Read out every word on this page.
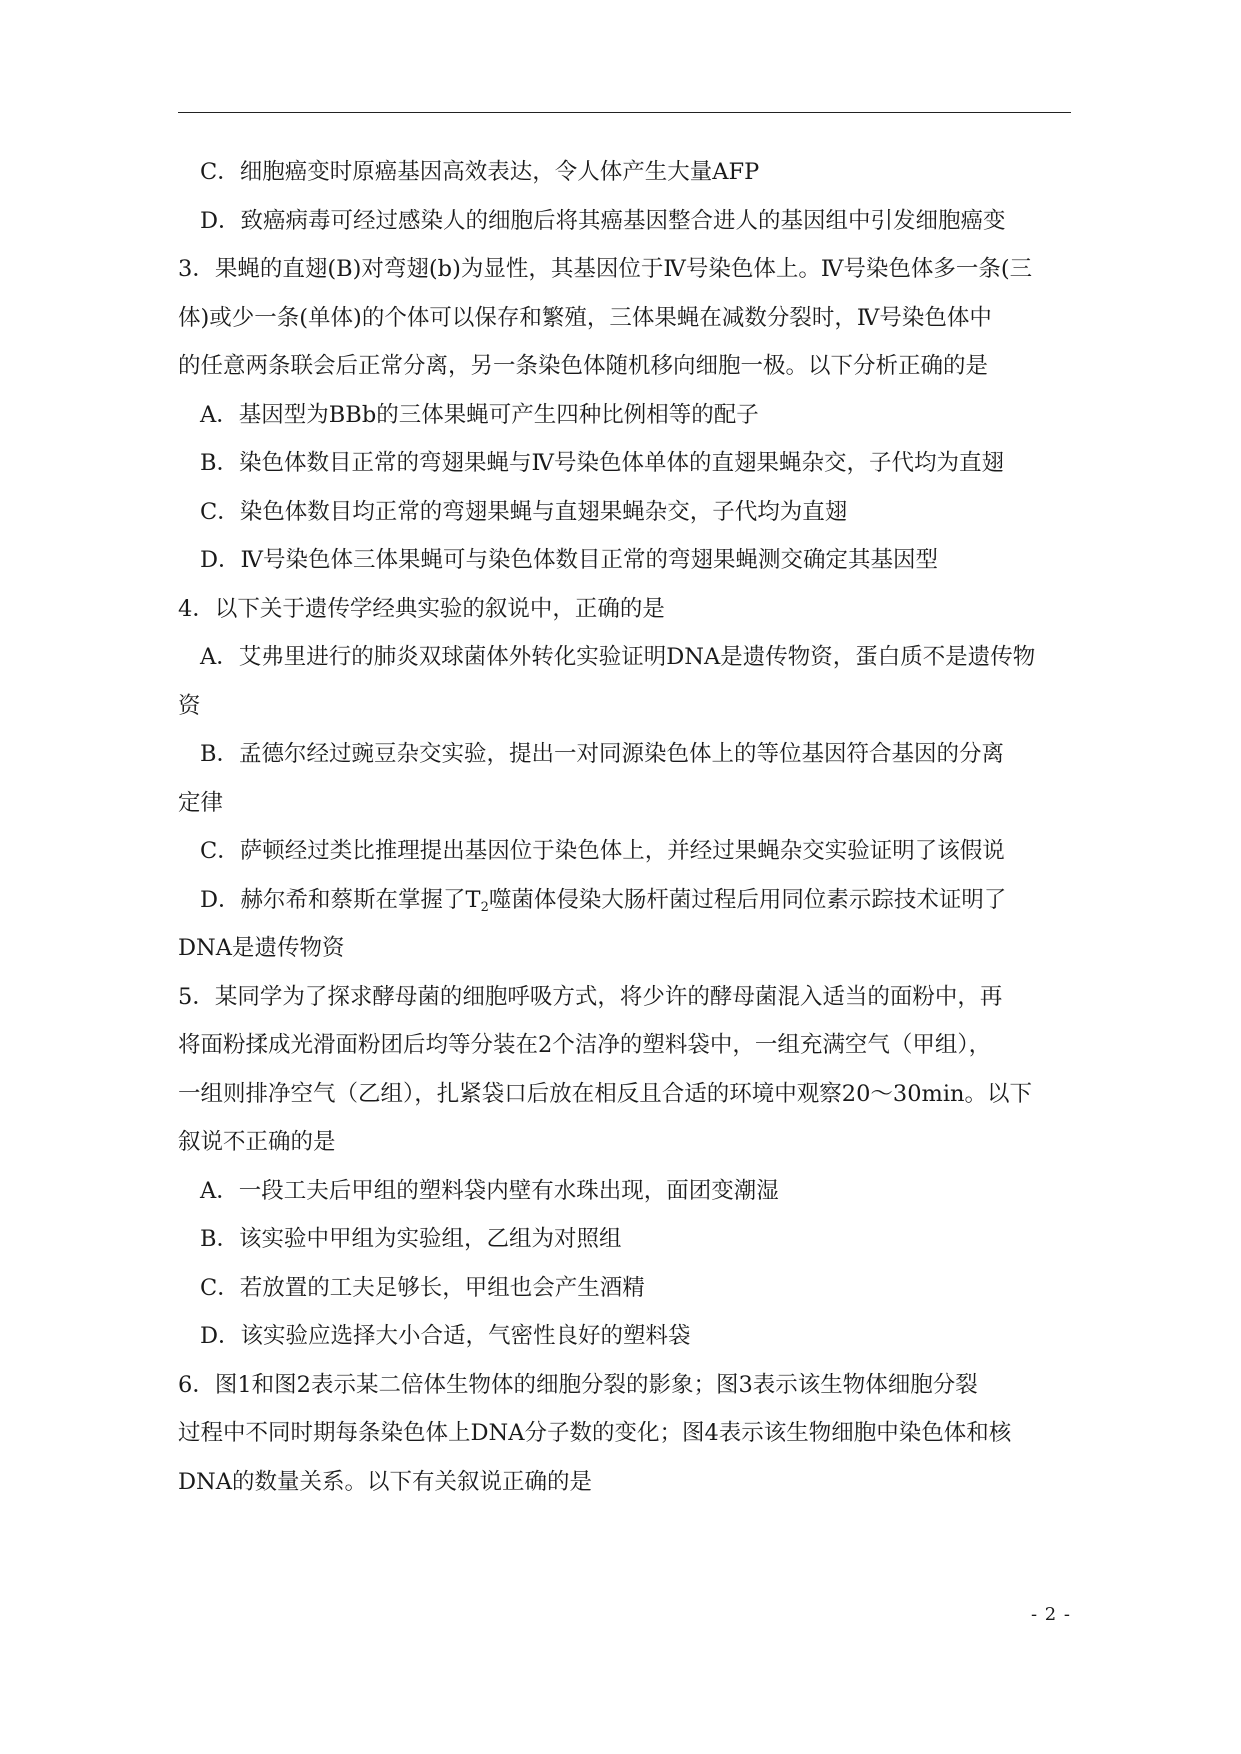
C．细胞癌变时原癌基因高效表达，令人体产生大量AFP

D．致癌病毒可经过感染人的细胞后将其癌基因整合进人的基因组中引发细胞癌变

3．果蝇的直翅(B)对弯翅(b)为显性，其基因位于Ⅳ号染色体上。Ⅳ号染色体多一条(三

体)或少一条(单体)的个体可以保存和繁殖，三体果蝇在减数分裂时，Ⅳ号染色体中

的任意两条联会后正常分离，另一条染色体随机移向细胞一极。以下分析正确的是

A．基因型为BBb的三体果蝇可产生四种比例相等的配子

B．染色体数目正常的弯翅果蝇与Ⅳ号染色体单体的直翅果蝇杂交，子代均为直翅

C．染色体数目均正常的弯翅果蝇与直翅果蝇杂交，子代均为直翅

D．Ⅳ号染色体三体果蝇可与染色体数目正常的弯翅果蝇测交确定其基因型

4．以下关于遗传学经典实验的叙说中，正确的是

A．艾弗里进行的肺炎双球菌体外转化实验证明DNA是遗传物资，蛋白质不是遗传物

资

B．孟德尔经过豌豆杂交实验，提出一对同源染色体上的等位基因符合基因的分离

定律

C．萨顿经过类比推理提出基因位于染色体上，并经过果蝇杂交实验证明了该假说

D．赫尔希和蔡斯在掌握了$T_2$噬菌体侵染大肠杆菌过程后用同位素示踪技术证明了

DNA是遗传物资

5．某同学为了探求酵母菌的细胞呼吸方式，将少许的酵母菌混入适当的面粉中，再

将面粉揉成光滑面粉团后均等分装在2个洁净的塑料袋中，一组充满空气（甲组），

一组则排净空气（乙组），扎紧袋口后放在相反且合适的环境中观察20～30min。以下

叙说不正确的是

A．一段工夫后甲组的塑料袋内壁有水珠出现，面团变潮湿

B．该实验中甲组为实验组，乙组为对照组

C．若放置的工夫足够长，甲组也会产生酒精

D．该实验应选择大小合适，气密性良好的塑料袋

6．图1和图2表示某二倍体生物体的细胞分裂的影象；图3表示该生物体细胞分裂

过程中不同时期每条染色体上DNA分子数的变化；图4表示该生物细胞中染色体和核

DNA的数量关系。以下有关叙说正确的是

- 2 -
